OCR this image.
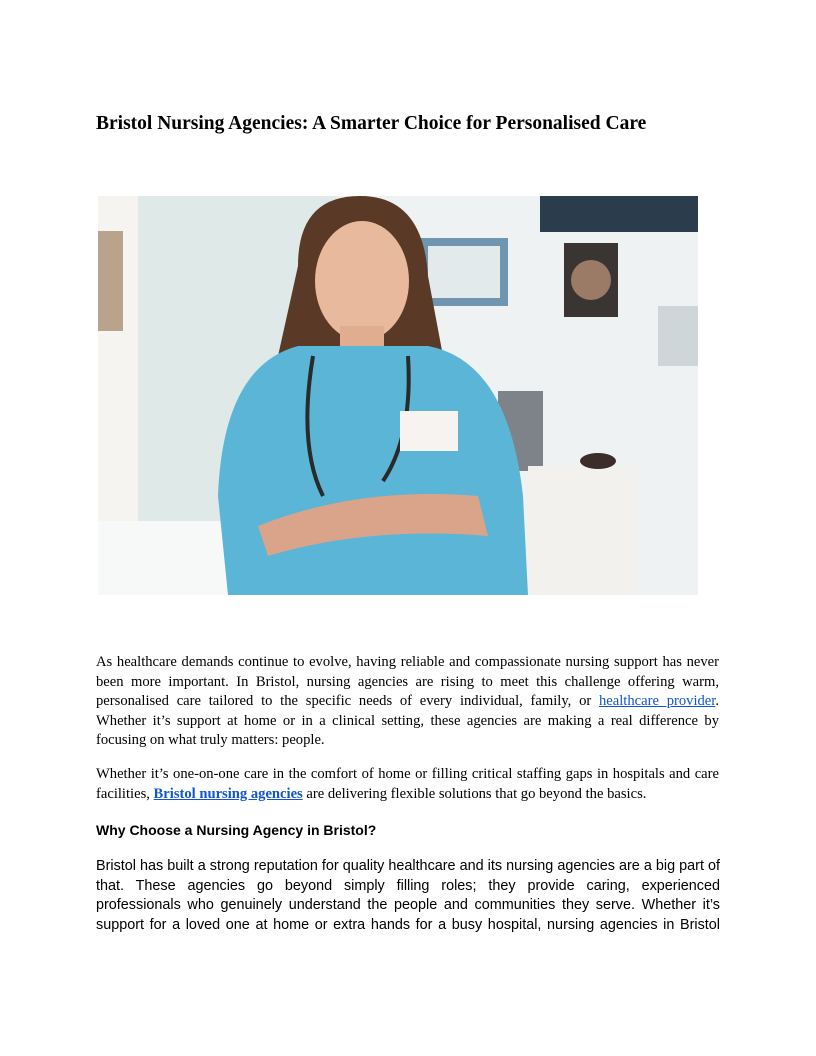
Bristol Nursing Agencies: A Smarter Choice for Personalised Care

As healthcare demands continue to evolve, having reliable and compassionate nursing support has never been more important. In Bristol, nursing agencies are rising to meet this challenge offering warm, personalised care tailored to the specific needs of every individual, family, or healthcare provider. Whether it’s support at home or in a clinical setting, these agencies are making a real difference by focusing on what truly matters: people.

Whether it’s one-on-one care in the comfort of home or filling critical staffing gaps in hospitals and care facilities, Bristol nursing agencies are delivering flexible solutions that go beyond the basics.

Why Choose a Nursing Agency in Bristol?

Bristol has built a strong reputation for quality healthcare and its nursing agencies are a big part of that. These agencies go beyond simply filling roles; they provide caring, experienced professionals who genuinely understand the people and communities they serve. Whether it’s support for a loved one at home or extra hands for a busy hospital, nursing agencies in Bristol
